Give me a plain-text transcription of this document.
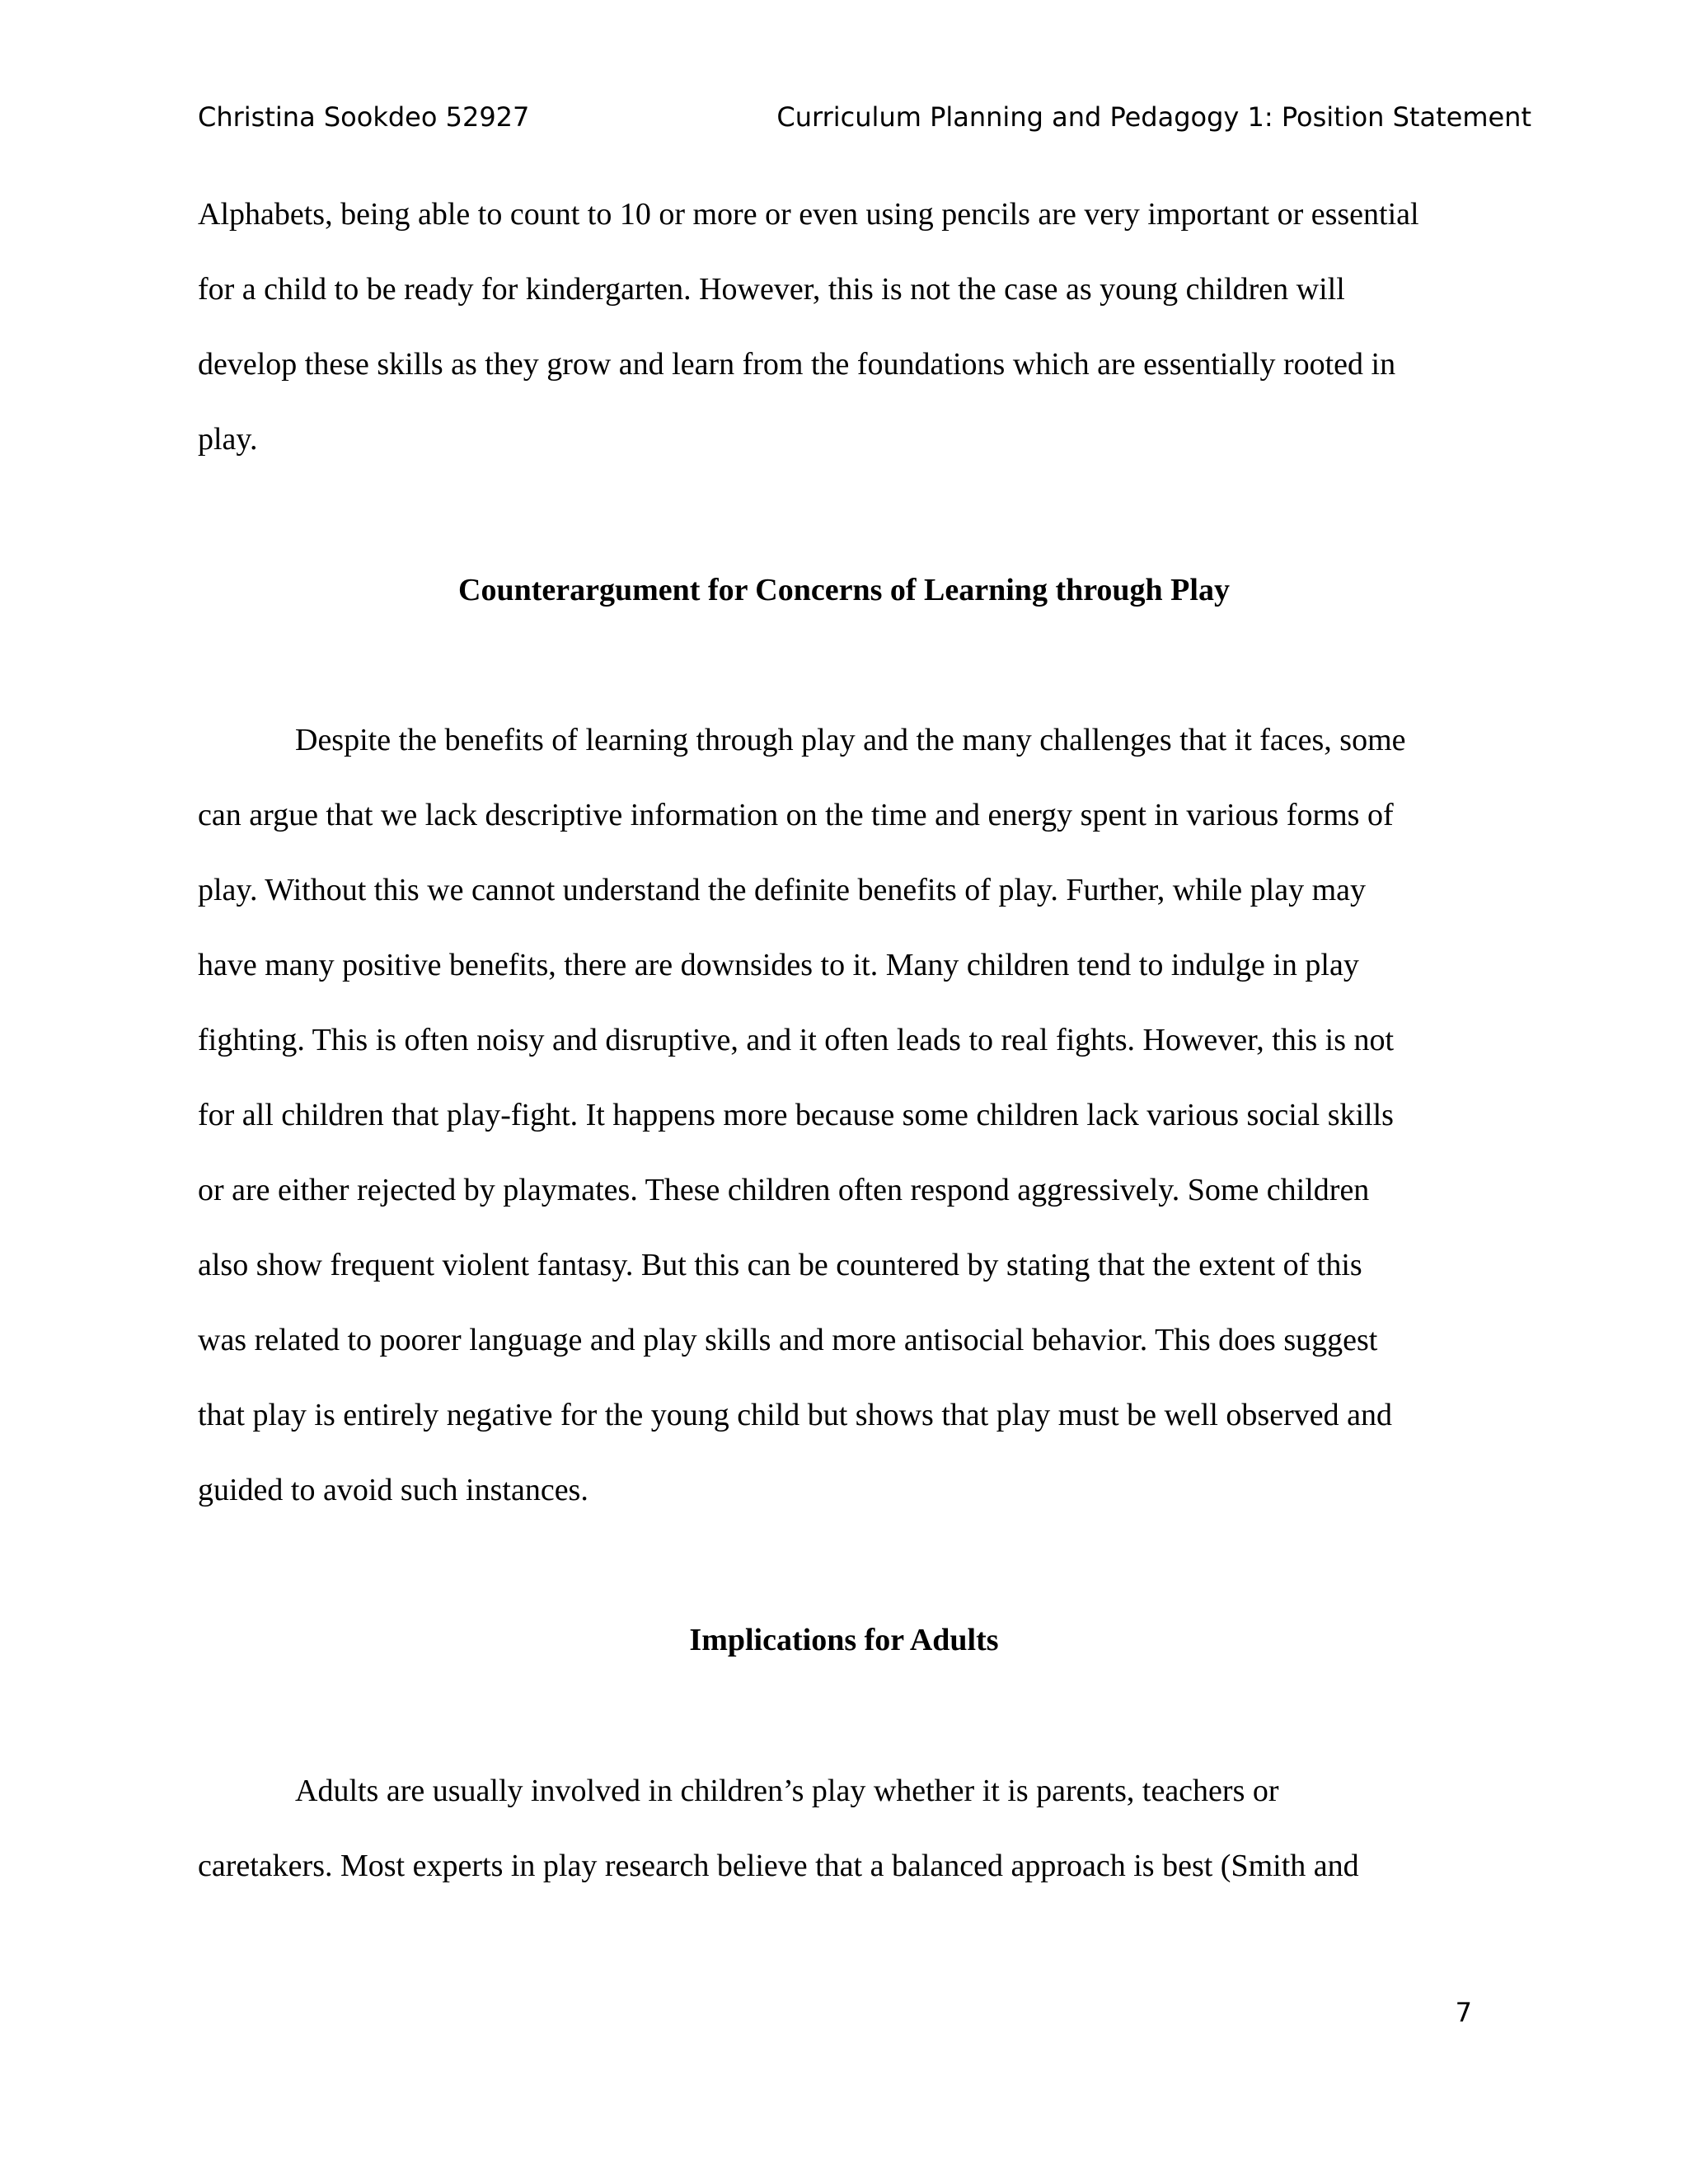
Christina Sookdeo 52927	Curriculum Planning and Pedagogy 1: Position Statement
Alphabets, being able to count to 10 or more or even using pencils are very important or essential
for a child to be ready for kindergarten. However, this is not the case as young children will
develop these skills as they grow and learn from the foundations which are essentially rooted in
play.
Counterargument for Concerns of Learning through Play
Despite the benefits of learning through play and the many challenges that it faces, some
can argue that we lack descriptive information on the time and energy spent in various forms of
play. Without this we cannot understand the definite benefits of play. Further, while play may
have many positive benefits, there are downsides to it. Many children tend to indulge in play
fighting. This is often noisy and disruptive, and it often leads to real fights. However, this is not
for all children that play-fight. It happens more because some children lack various social skills
or are either rejected by playmates. These children often respond aggressively. Some children
also show frequent violent fantasy. But this can be countered by stating that the extent of this
was related to poorer language and play skills and more antisocial behavior. This does suggest
that play is entirely negative for the young child but shows that play must be well observed and
guided to avoid such instances.
Implications for Adults
Adults are usually involved in children’s play whether it is parents, teachers or
caretakers. Most experts in play research believe that a balanced approach is best (Smith and
7
